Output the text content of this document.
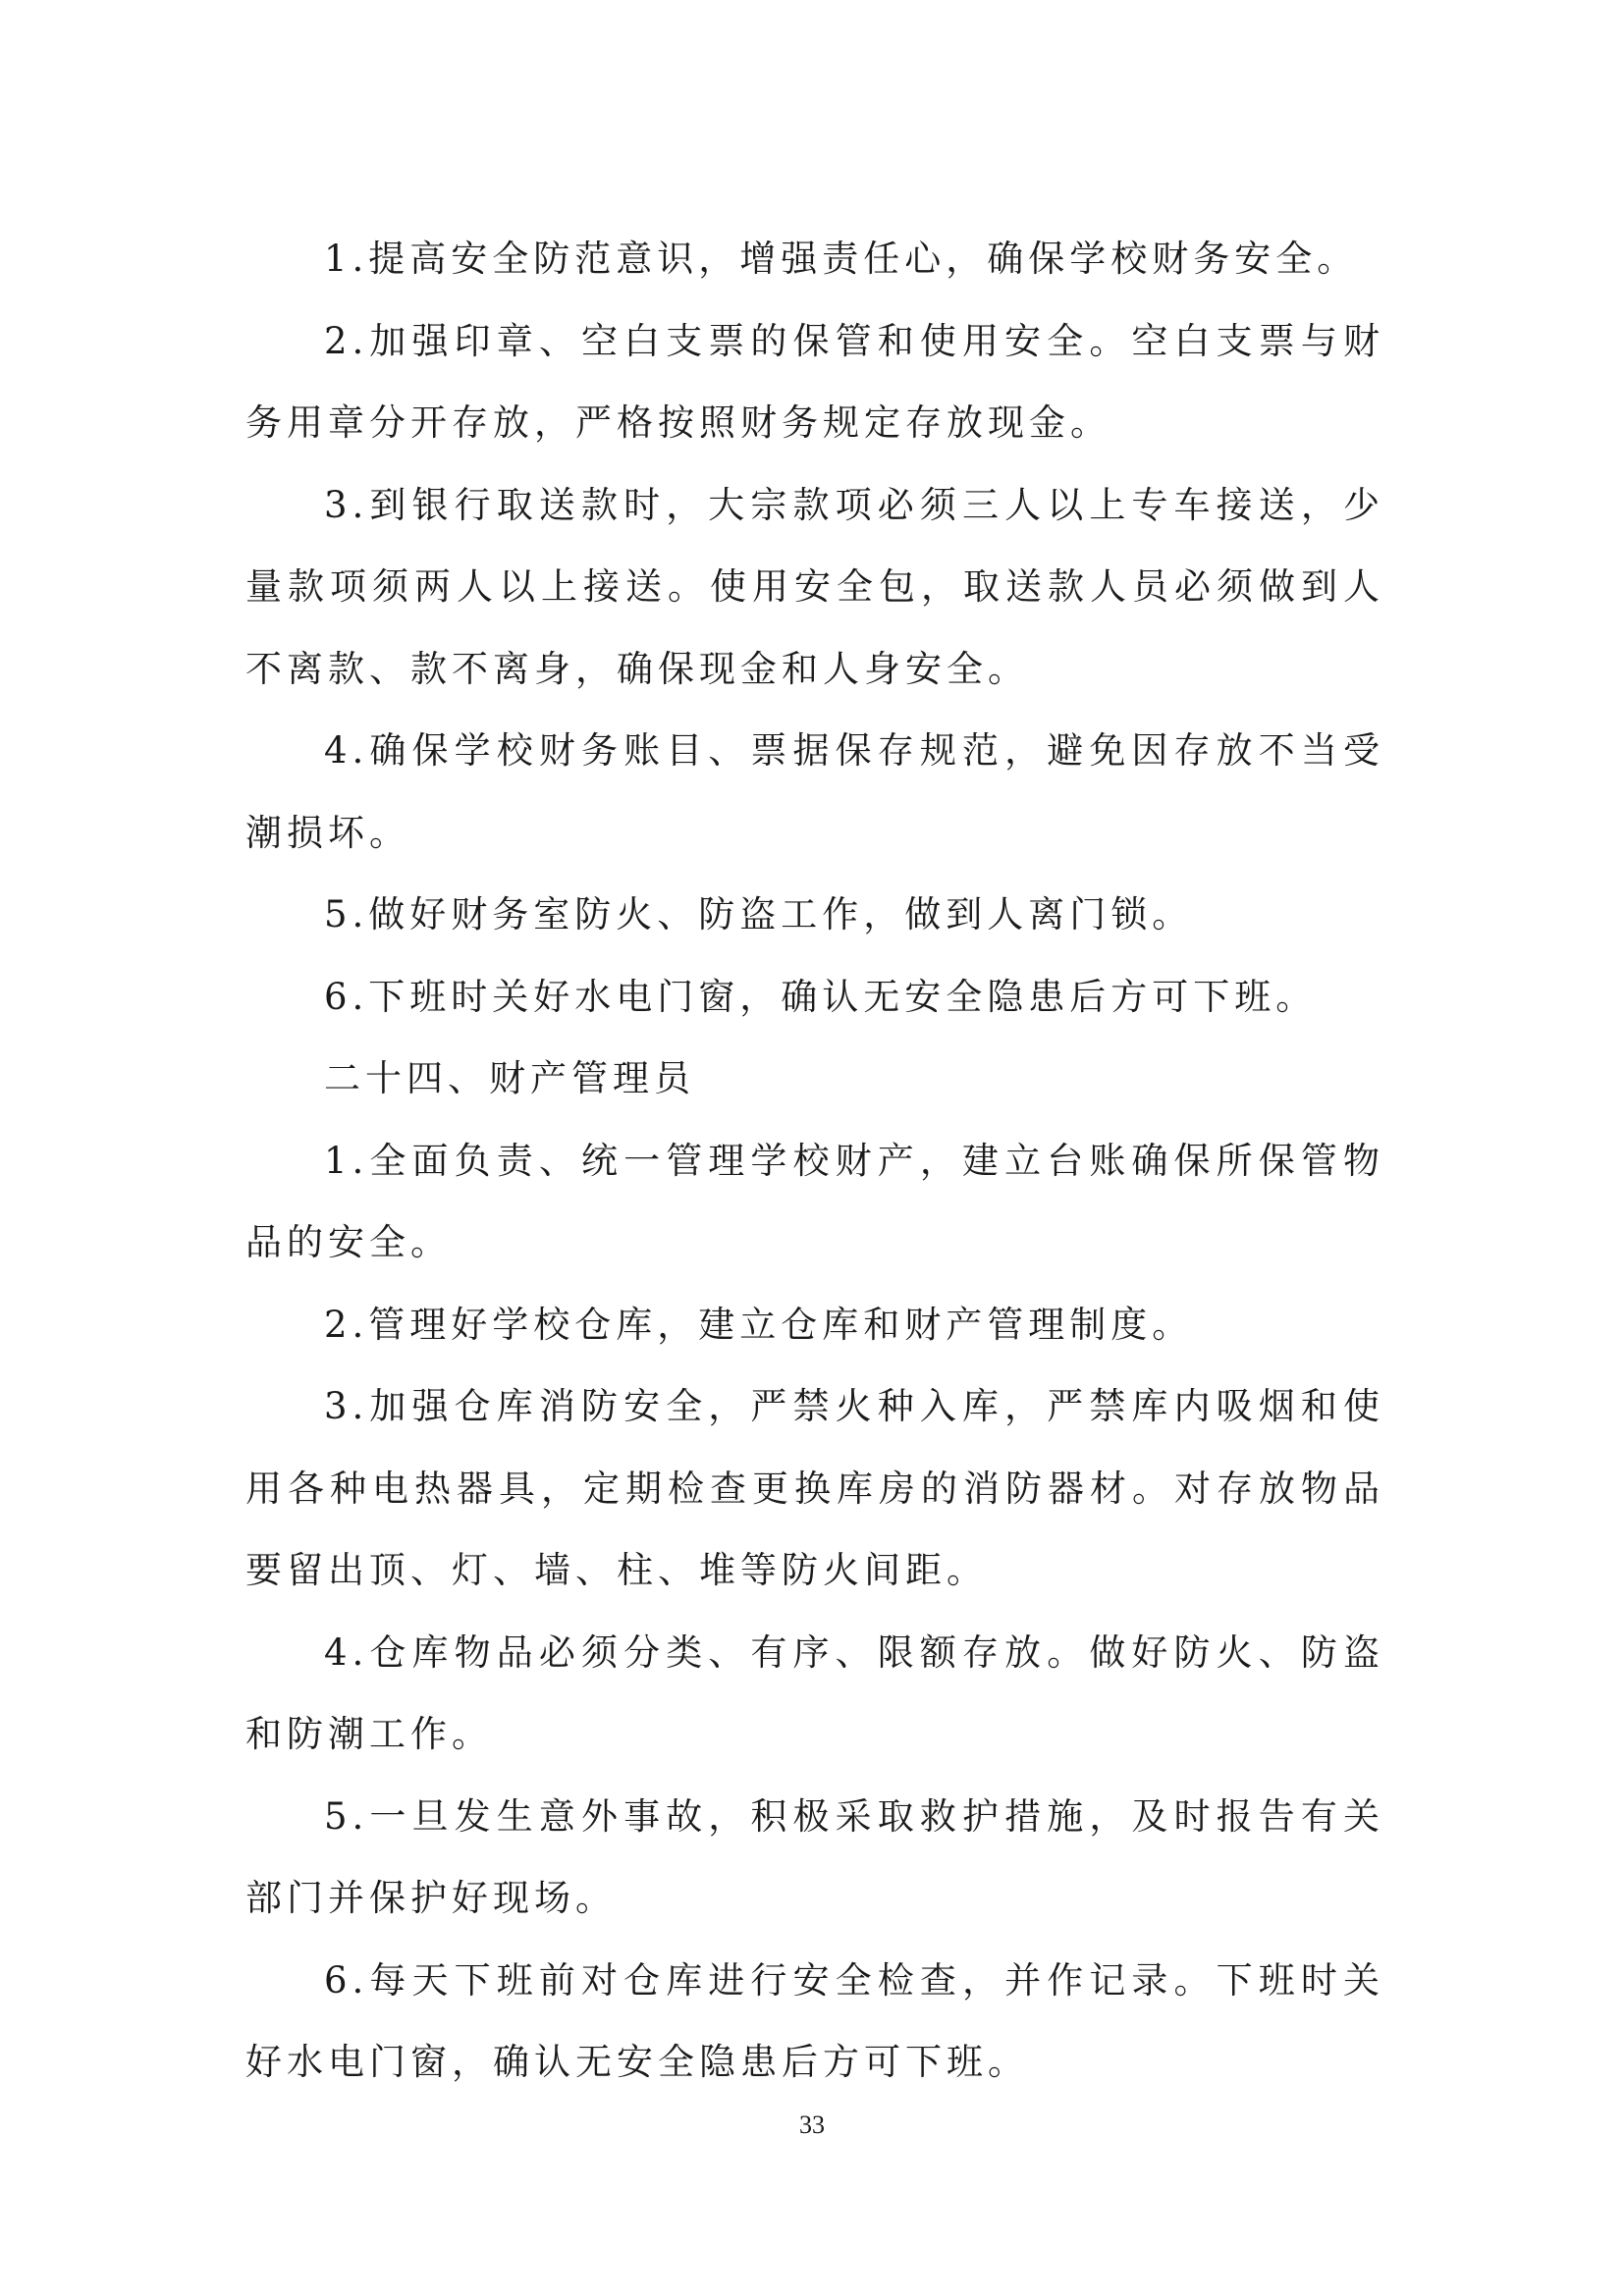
1.提高安全防范意识，增强责任心，确保学校财务安全。

2.加强印章、空白支票的保管和使用安全。空白支票与财务用章分开存放，严格按照财务规定存放现金。

3.到银行取送款时，大宗款项必须三人以上专车接送，少量款项须两人以上接送。使用安全包，取送款人员必须做到人不离款、款不离身，确保现金和人身安全。

4.确保学校财务账目、票据保存规范，避免因存放不当受潮损坏。

5.做好财务室防火、防盗工作，做到人离门锁。

6.下班时关好水电门窗，确认无安全隐患后方可下班。

二十四、财产管理员

1.全面负责、统一管理学校财产，建立台账确保所保管物品的安全。

2.管理好学校仓库，建立仓库和财产管理制度。

3.加强仓库消防安全，严禁火种入库，严禁库内吸烟和使用各种电热器具，定期检查更换库房的消防器材。对存放物品要留出顶、灯、墙、柱、堆等防火间距。

4.仓库物品必须分类、有序、限额存放。做好防火、防盗和防潮工作。

5.一旦发生意外事故，积极采取救护措施，及时报告有关部门并保护好现场。

6.每天下班前对仓库进行安全检查，并作记录。下班时关好水电门窗，确认无安全隐患后方可下班。

33
